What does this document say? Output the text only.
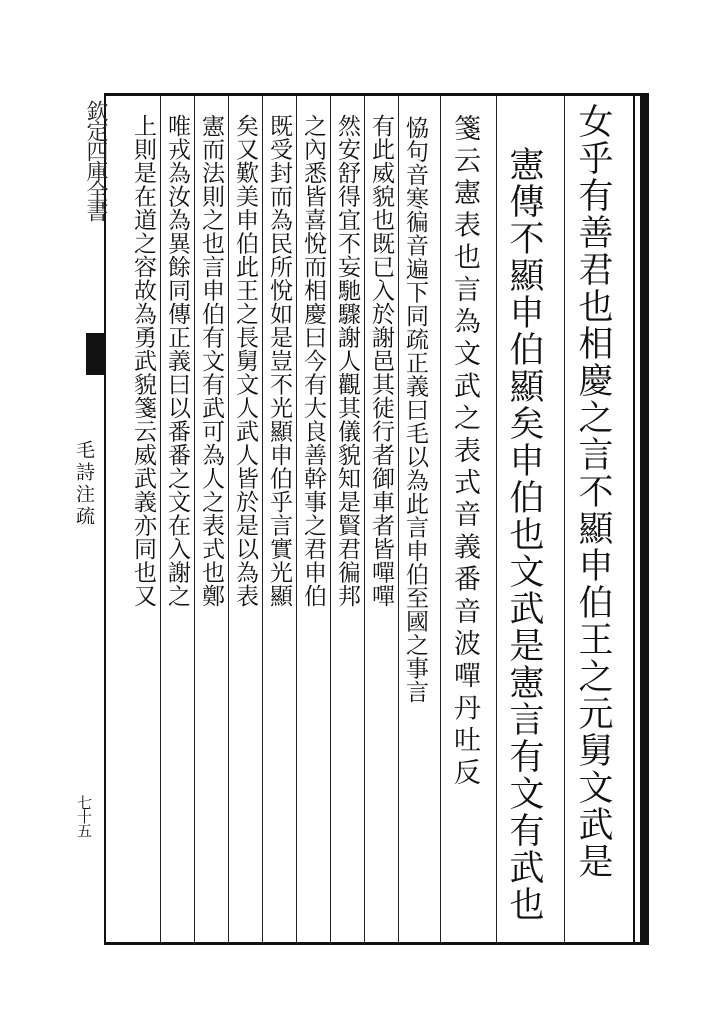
女乎有善君也相慶之言不顯申伯王之元舅文武是
憲傳不顯申伯顯矣申伯也文武是憲言有文有武也
箋云憲表也言為文武之表式音義番音波嘽丹吐反
恊句音寒徧音遍下同疏正義曰毛以為此言申伯至國之事言
有此威貌也既已入於謝邑其徒行者御車者皆嘽嘽
然安舒得宜不妄馳驟謝人觀其儀貌知是賢君徧邦
之內悉皆喜悅而相慶曰今有大良善幹事之君申伯
既受封而為民所悅如是豈不光顯申伯乎言實光顯
矣又歎美申伯此王之長舅文人武人皆於是以為表
憲而法則之也言申伯有文有武可為人之表式也鄭
唯戎為汝為異餘同傳正義曰以番番之文在入謝之
上則是在道之容故為勇武貌箋云威武義亦同也又
欽定四庫全書
毛詩注疏
七十五
